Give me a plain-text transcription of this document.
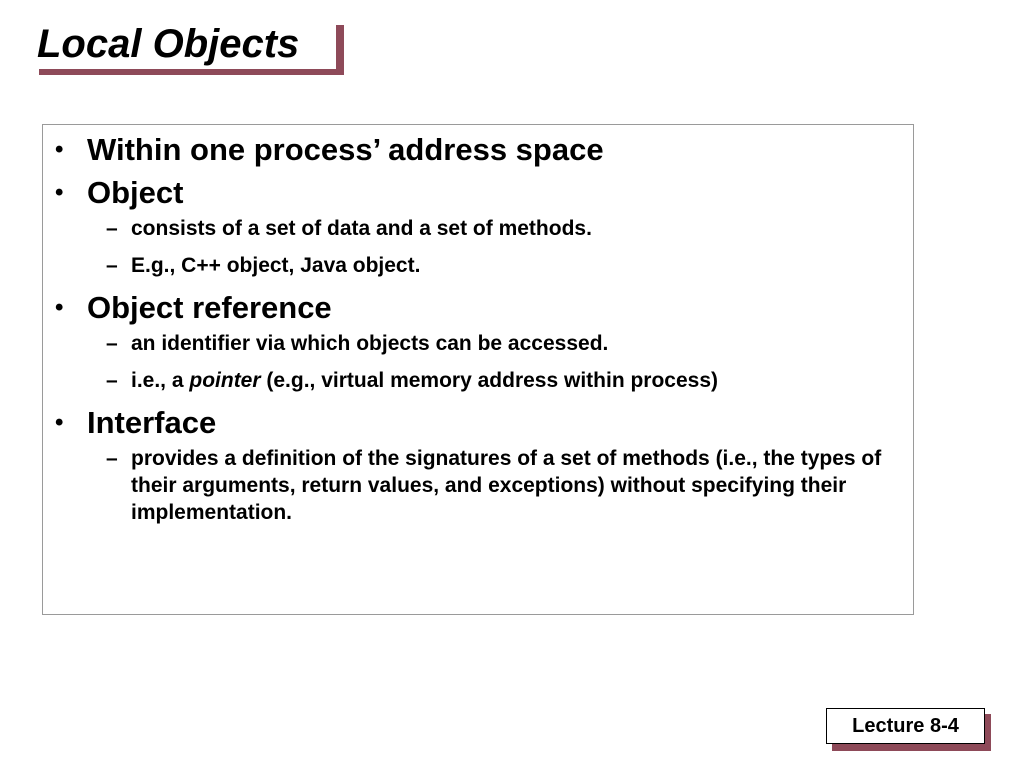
Local Objects
• Within one process’ address space
• Object
– consists of a set of data and a set of methods.
– E.g., C++ object, Java object.
• Object reference
– an identifier via which objects can be accessed.
– i.e., a pointer (e.g., virtual memory address within process)
• Interface
– provides a definition of the signatures of a set of methods (i.e., the types of their arguments, return values, and exceptions) without specifying their implementation.
Lecture 8-4
